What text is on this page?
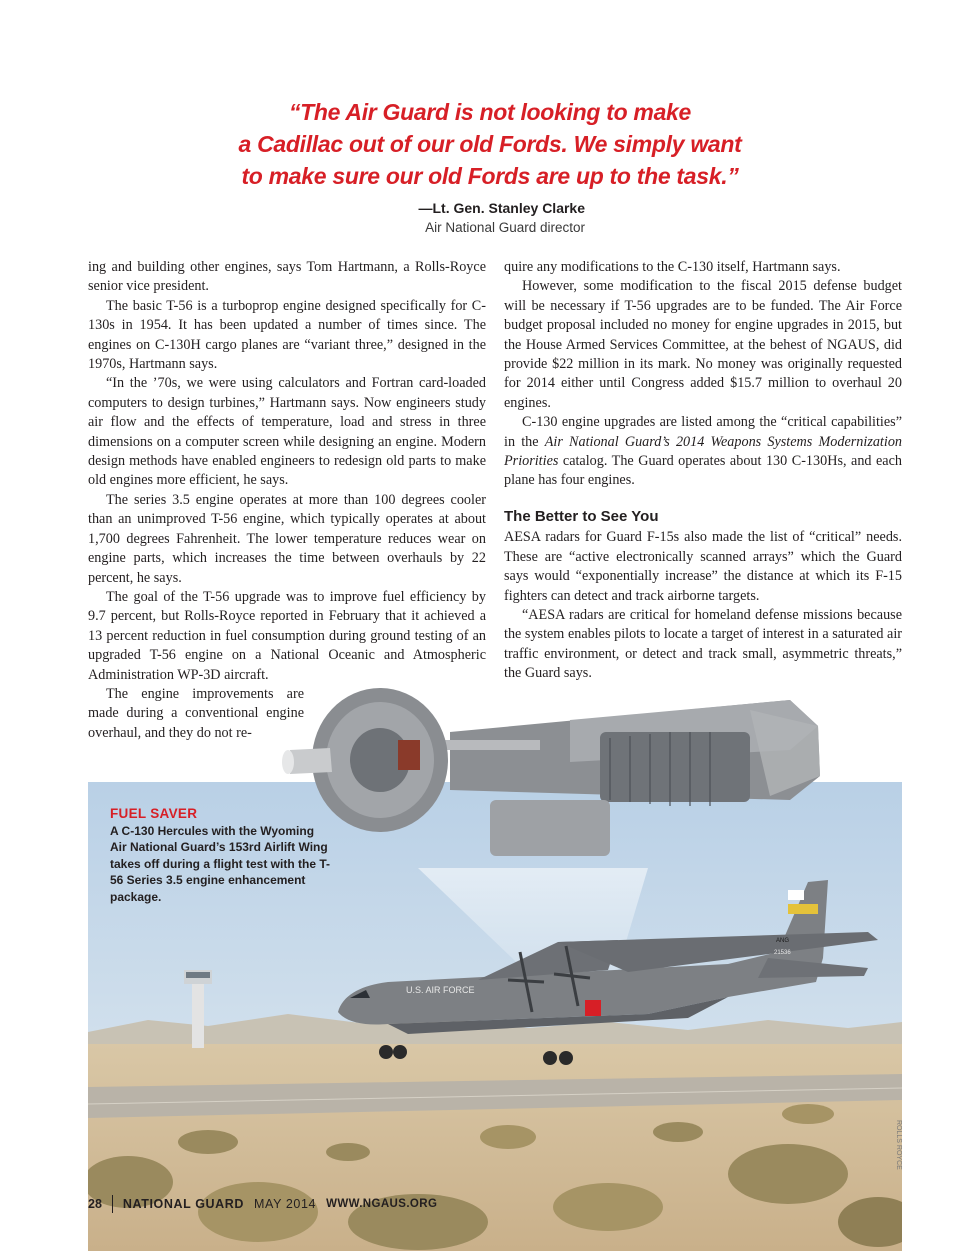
“The Air Guard is not looking to make
a Cadillac out of our old Fords. We simply want
to make sure our old Fords are up to the task.”
—Lt. Gen. Stanley Clarke
Air National Guard director

ing and building other engines, says Tom Hartmann, a Rolls-Royce senior vice president.

The basic T-56 is a turboprop engine designed specifically for C-130s in 1954. It has been updated a number of times since. The engines on C-130H cargo planes are “variant three,” designed in the 1970s, Hartmann says.

“In the ’70s, we were using calculators and Fortran card-loaded computers to design turbines,” Hartmann says. Now engineers study air flow and the effects of temperature, load and stress in three dimensions on a computer screen while designing an engine. Modern design methods have enabled engineers to redesign old parts to make old engines more efficient, he says.

The series 3.5 engine operates at more than 100 degrees cooler than an unimproved T-56 engine, which typically operates at about 1,700 degrees Fahrenheit. The lower temperature reduces wear on engine parts, which increases the time between overhauls by 22 percent, he says.

The goal of the T-56 upgrade was to improve fuel efficiency by 9.7 percent, but Rolls-Royce reported in February that it achieved a 13 percent reduction in fuel consumption during ground testing of an upgraded T-56 engine on a National Oceanic and Atmospheric Administration WP-3D aircraft.

The engine improvements are made during a conventional engine overhaul, and they do not re-

quire any modifications to the C-130 itself, Hartmann says.

However, some modification to the fiscal 2015 defense budget will be necessary if T-56 upgrades are to be funded. The Air Force budget proposal included no money for engine upgrades in 2015, but the House Armed Services Committee, at the behest of NGAUS, did provide $22 million in its mark. No money was originally requested for 2014 either until Congress added $15.7 million to overhaul 20 engines.

C-130 engine upgrades are listed among the “critical capabilities” in the Air National Guard’s 2014 Weapons Systems Modernization Priorities catalog. The Guard operates about 130 C-130Hs, and each plane has four engines.

The Better to See You

AESA radars for Guard F-15s also made the list of “critical” needs. These are “active electronically scanned arrays” which the Guard says would “exponentially increase” the distance at which its F-15 fighters can detect and track airborne targets.

“AESA radars are critical for homeland defense missions because the system enables pilots to locate a target of interest in a saturated air traffic environment, or detect and track small, asymmetric threats,” the Guard says.

U.S. AIR FORCE
ANG
21536
FUEL SAVER
A C-130 Hercules with the Wyoming Air National Guard’s 153rd Airlift Wing takes off during a flight test with the T-56 Series 3.5 engine enhancement package.
ROLLS ROYCE
28 NATIONAL GUARD MAY 2014 WWW.NGAUS.ORG
